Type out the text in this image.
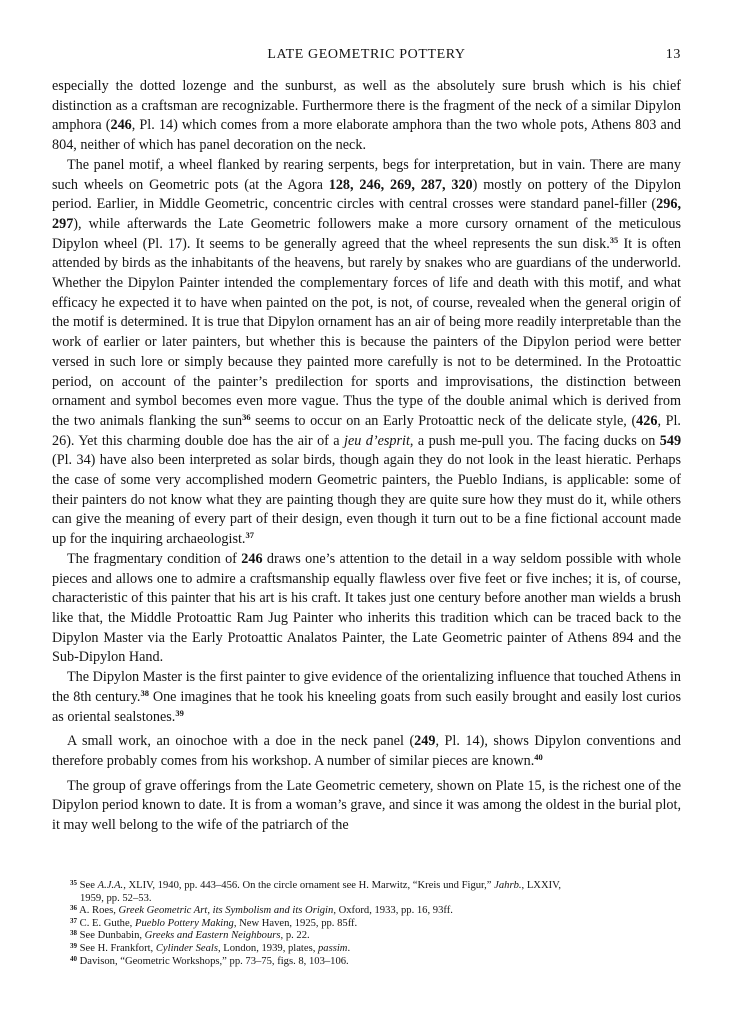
LATE GEOMETRIC POTTERY	13

especially the dotted lozenge and the sunburst, as well as the absolutely sure brush which is his chief distinction as a craftsman are recognizable. Furthermore there is the fragment of the neck of a similar Dipylon amphora (246, Pl. 14) which comes from a more elaborate amphora than the two whole pots, Athens 803 and 804, neither of which has panel decoration on the neck.

The panel motif, a wheel flanked by rearing serpents, begs for interpretation, but in vain. There are many such wheels on Geometric pots (at the Agora 128, 246, 269, 287, 320) mostly on pottery of the Dipylon period. Earlier, in Middle Geometric, concentric circles with central crosses were standard panel-filler (296, 297), while afterwards the Late Geometric followers make a more cursory ornament of the meticulous Dipylon wheel (Pl. 17). It seems to be generally agreed that the wheel represents the sun disk.$^{35}$ It is often attended by birds as the inhabitants of the heavens, but rarely by snakes who are guardians of the underworld. Whether the Dipylon Painter intended the complementary forces of life and death with this motif, and what efficacy he expected it to have when painted on the pot, is not, of course, revealed when the general origin of the motif is determined. It is true that Dipylon ornament has an air of being more readily interpretable than the work of earlier or later painters, but whether this is because the painters of the Dipylon period were better versed in such lore or simply because they painted more carefully is not to be determined. In the Protoattic period, on account of the painter’s predilection for sports and improvisations, the distinction between ornament and symbol becomes even more vague. Thus the type of the double animal which is derived from the two animals flanking the sun$^{36}$ seems to occur on an Early Protoattic neck of the delicate style, (426, Pl. 26). Yet this charming double doe has the air of a jeu d’esprit, a push me-pull you. The facing ducks on 549 (Pl. 34) have also been interpreted as solar birds, though again they do not look in the least hieratic. Perhaps the case of some very accomplished modern Geometric painters, the Pueblo Indians, is applicable: some of their painters do not know what they are painting though they are quite sure how they must do it, while others can give the meaning of every part of their design, even though it turn out to be a fine fictional account made up for the inquiring archaeologist.$^{37}$

The fragmentary condition of 246 draws one’s attention to the detail in a way seldom possible with whole pieces and allows one to admire a craftsmanship equally flawless over five feet or five inches; it is, of course, characteristic of this painter that his art is his craft. It takes just one century before another man wields a brush like that, the Middle Protoattic Ram Jug Painter who inherits this tradition which can be traced back to the Dipylon Master via the Early Protoattic Analatos Painter, the Late Geometric painter of Athens 894 and the Sub-Dipylon Hand.

The Dipylon Master is the first painter to give evidence of the orientalizing influence that touched Athens in the 8th century.$^{38}$ One imagines that he took his kneeling goats from such easily brought and easily lost curios as oriental sealstones.$^{39}$

A small work, an oinochoe with a doe in the neck panel (249, Pl. 14), shows Dipylon conventions and therefore probably comes from his workshop. A number of similar pieces are known.$^{40}$

The group of grave offerings from the Late Geometric cemetery, shown on Plate 15, is the richest one of the Dipylon period known to date. It is from a woman’s grave, and since it was among the oldest in the burial plot, it may well belong to the wife of the patriarch of the

$^{35}$ See A.J.A., XLIV, 1940, pp. 443–456. On the circle ornament see H. Marwitz, “Kreis und Figur,” Jahrb., LXXIV,
1959, pp. 52–53.

$^{36}$ A. Roes, Greek Geometric Art, its Symbolism and its Origin, Oxford, 1933, pp. 16, 93ff.

$^{37}$ C. E. Guthe, Pueblo Pottery Making, New Haven, 1925, pp. 85ff.

$^{38}$ See Dunbabin, Greeks and Eastern Neighbours, p. 22.

$^{39}$ See H. Frankfort, Cylinder Seals, London, 1939, plates, passim.

$^{40}$ Davison, “Geometric Workshops,” pp. 73–75, figs. 8, 103–106.
